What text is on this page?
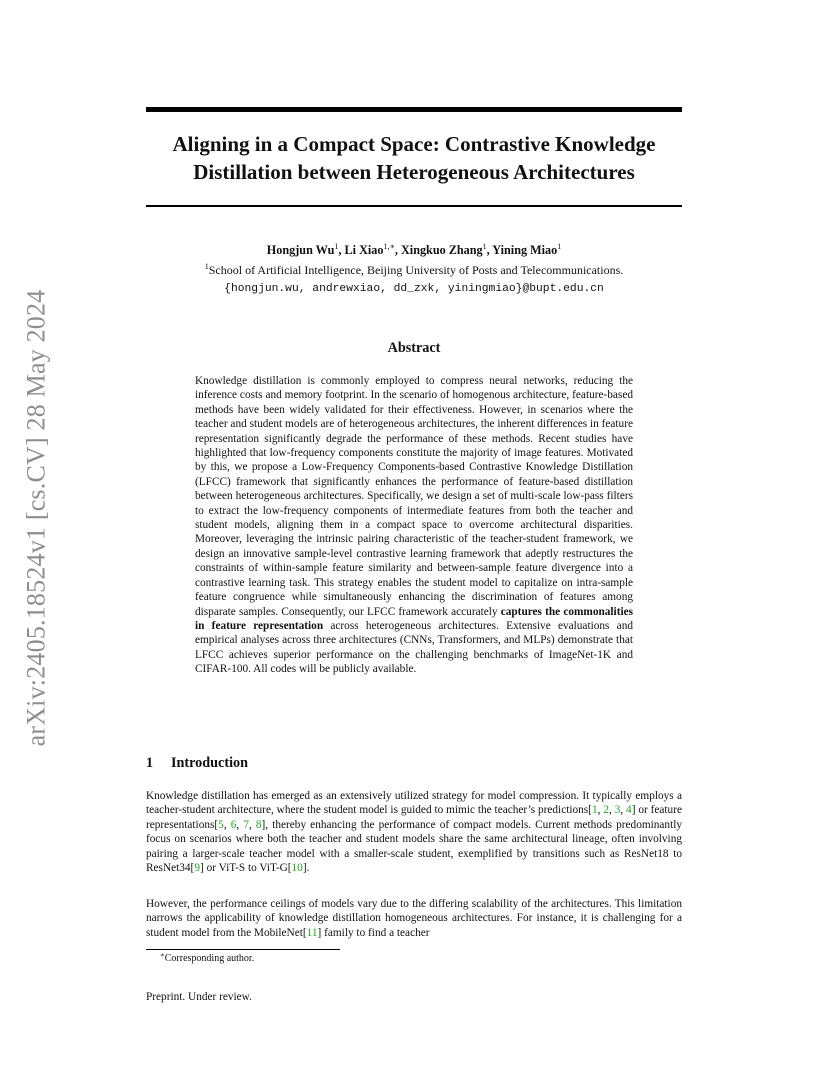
arXiv:2405.18524v1 [cs.CV] 28 May 2024
Aligning in a Compact Space: Contrastive Knowledge
Distillation between Heterogeneous Architectures
Hongjun Wu$^1$, Li Xiao$^{1,∗}$, Xingkuo Zhang$^1$, Yining Miao$^1$
$^1$School of Artificial Intelligence, Beijing University of Posts and Telecommunications.
{hongjun.wu, andrewxiao, dd_zxk, yiningmiao}@bupt.edu.cn
Abstract

Knowledge distillation is commonly employed to compress neural networks, reducing the inference costs and memory footprint. In the scenario of homogenous architecture, feature-based methods have been widely validated for their effectiveness. However, in scenarios where the teacher and student models are of heterogeneous architectures, the inherent differences in feature representation significantly degrade the performance of these methods. Recent studies have highlighted that low-frequency components constitute the majority of image features. Motivated by this, we propose a Low-Frequency Components-based Contrastive Knowledge Distillation (LFCC) framework that significantly enhances the performance of feature-based distillation between heterogeneous architectures. Specifically, we design a set of multi-scale low-pass filters to extract the low-frequency components of intermediate features from both the teacher and student models, aligning them in a compact space to overcome architectural disparities. Moreover, leveraging the intrinsic pairing characteristic of the teacher-student framework, we design an innovative sample-level contrastive learning framework that adeptly restructures the constraints of within-sample feature similarity and between-sample feature divergence into a contrastive learning task. This strategy enables the student model to capitalize on intra-sample feature congruence while simultaneously enhancing the discrimination of features among disparate samples. Consequently, our LFCC framework accurately captures the commonalities in feature representation across heterogeneous architectures. Extensive evaluations and empirical analyses across three architectures (CNNs, Transformers, and MLPs) demonstrate that LFCC achieves superior performance on the challenging benchmarks of ImageNet-1K and CIFAR-100. All codes will be publicly available.

1 Introduction

Knowledge distillation has emerged as an extensively utilized strategy for model compression. It typically employs a teacher-student architecture, where the student model is guided to mimic the teacher’s predictions[1, 2, 3, 4] or feature representations[5, 6, 7, 8], thereby enhancing the performance of compact models. Current methods predominantly focus on scenarios where both the teacher and student models share the same architectural lineage, often involving pairing a larger-scale teacher model with a smaller-scale student, exemplified by transitions such as ResNet18 to ResNet34[9] or ViT-S to ViT-G[10].

However, the performance ceilings of models vary due to the differing scalability of the architectures. This limitation narrows the applicability of knowledge distillation homogeneous architectures. For instance, it is challenging for a student model from the MobileNet[11] family to find a teacher

∗Corresponding author.
Preprint. Under review.
